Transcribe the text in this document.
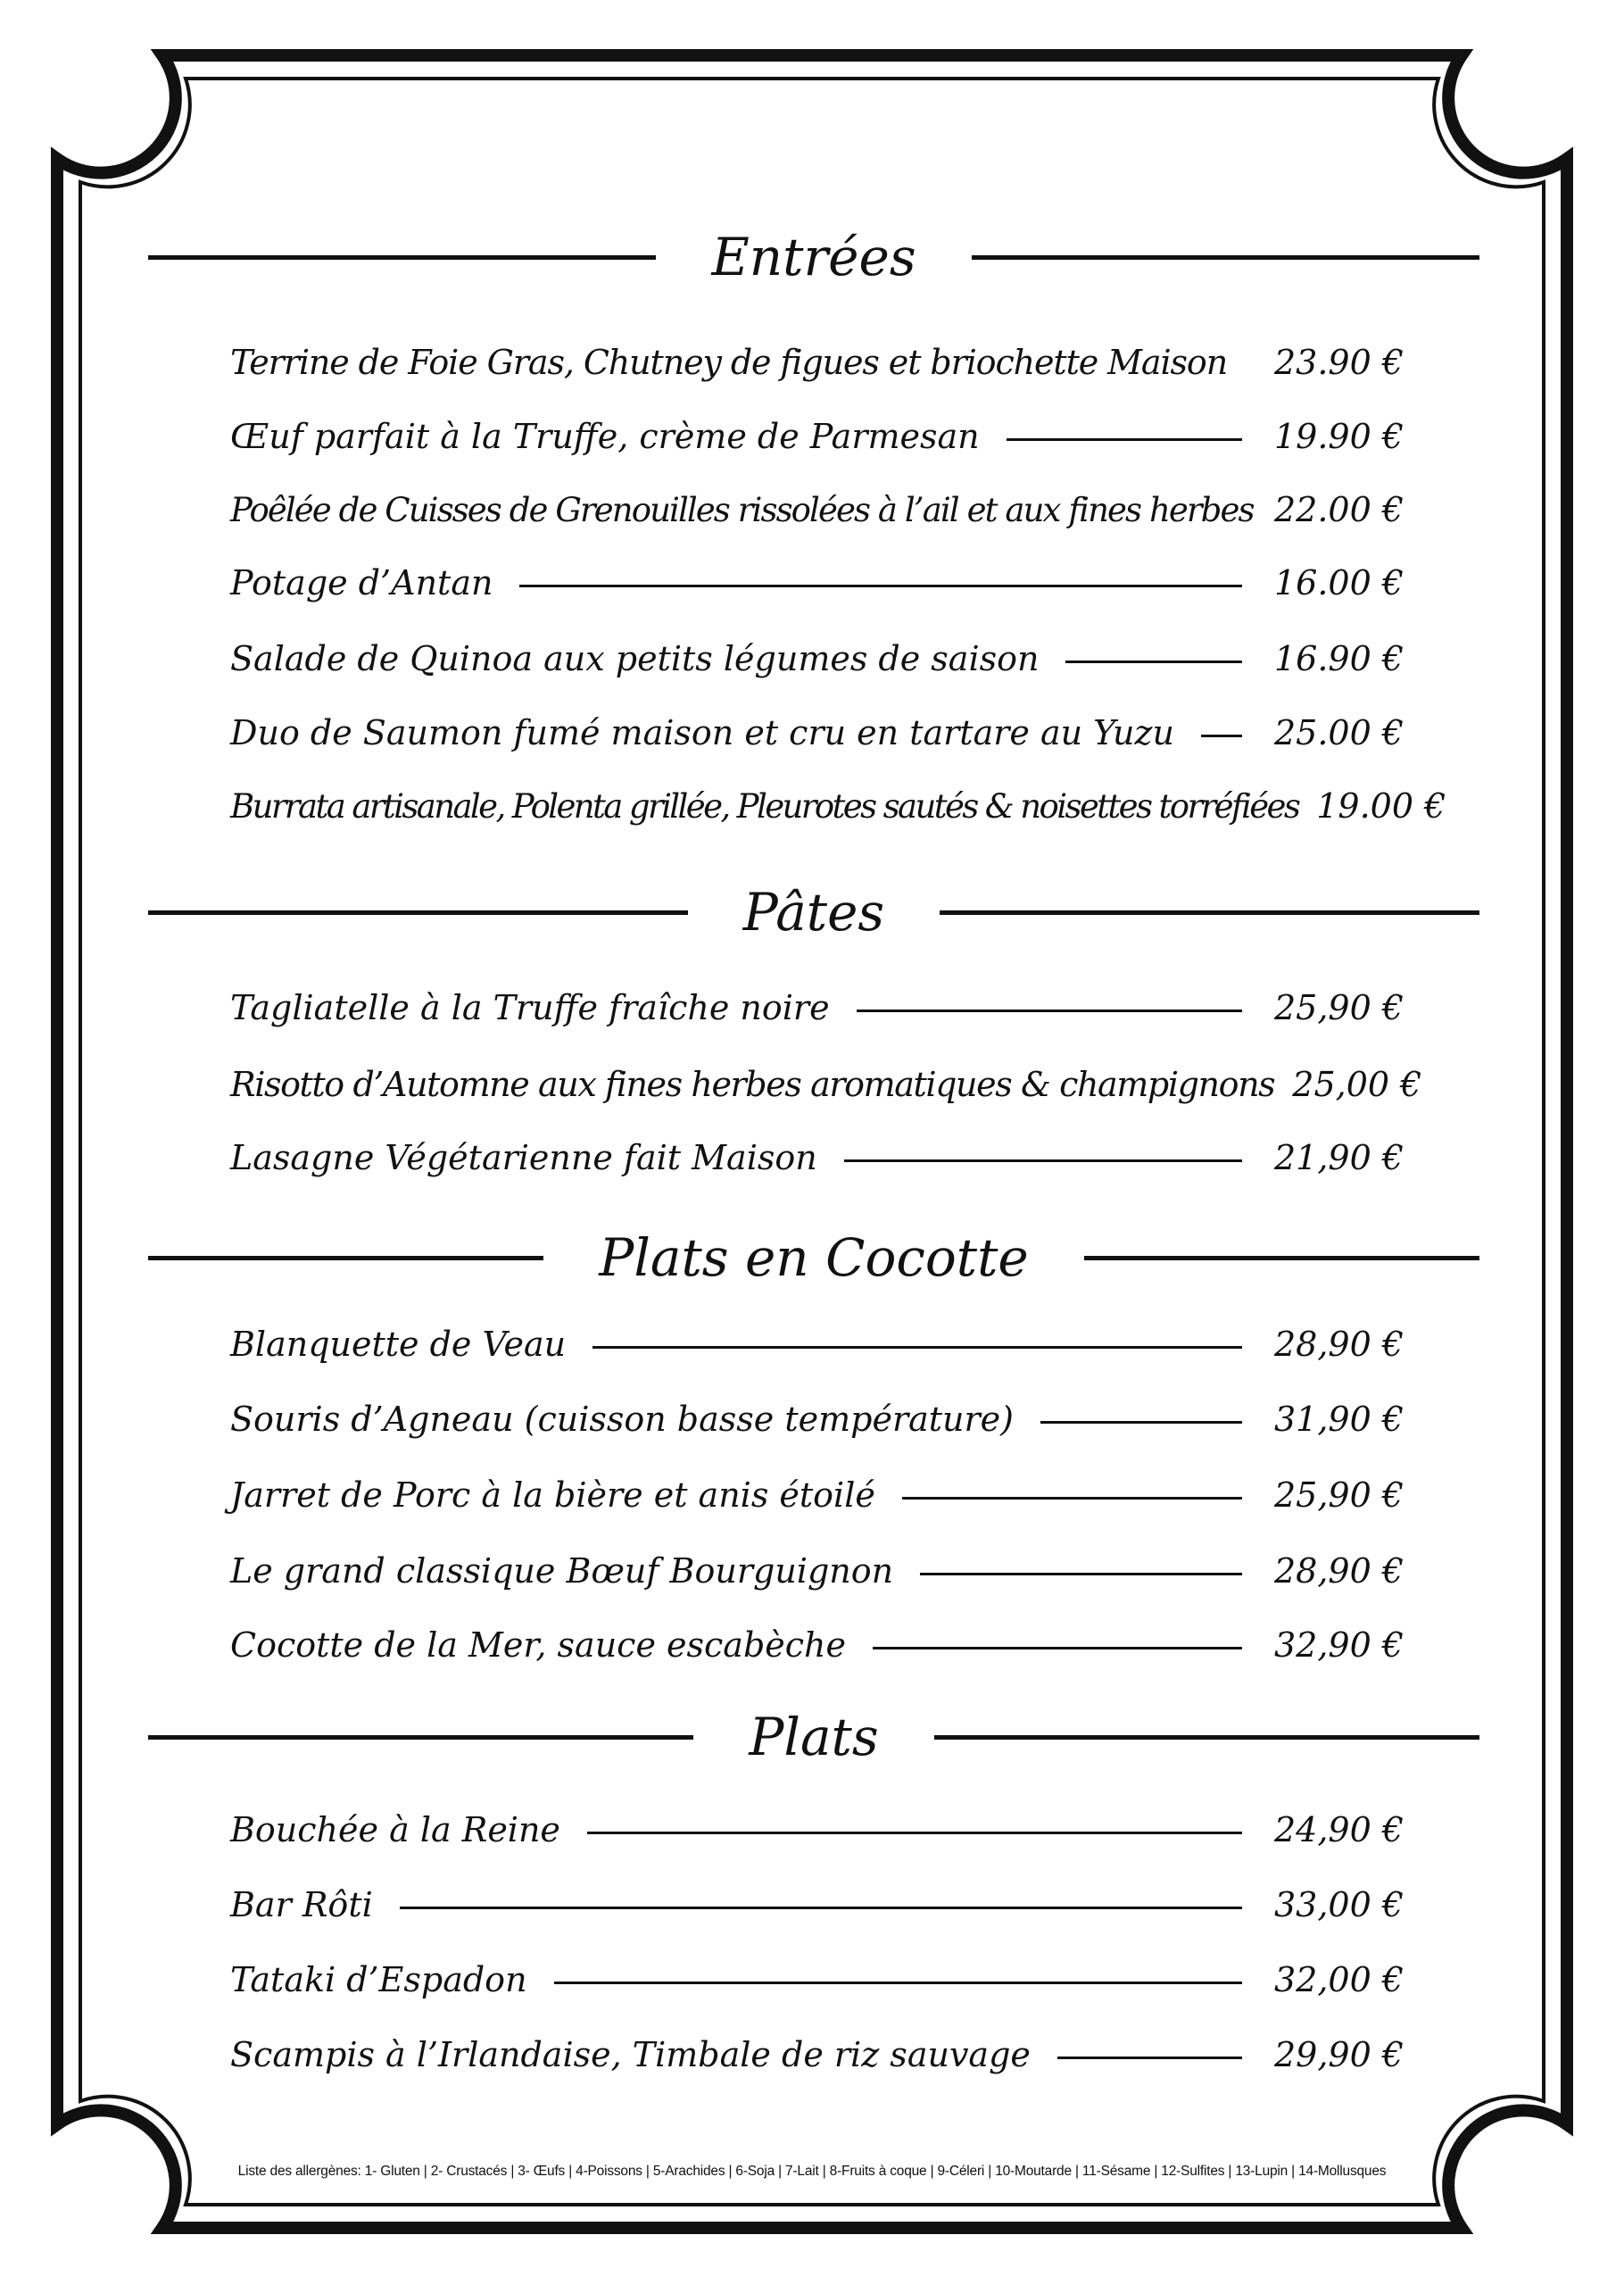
Entrées
Terrine de Foie Gras, Chutney de figues et briochette Maison 23.90 €
Œuf parfait à la Truffe, crème de Parmesan	19.90 €
Poêlée de Cuisses de Grenouilles rissolées à l’ail et aux fines herbes 22.00 €
Potage d’Antan	16.00 €
Salade de Quinoa aux petits légumes de saison	16.90 €
Duo de Saumon fumé maison et cru en tartare au Yuzu	25.00 €
Burrata artisanale, Polenta grillée, Pleurotes sautés & noisettes torréfiées 19.00 €
Pâtes
Tagliatelle à la Truffe fraîche noire	25,90 €
Risotto d’Automne aux fines herbes aromatiques & champignons 25,00 €
Lasagne Végétarienne fait Maison	21,90 €
Plats en Cocotte
Blanquette de Veau	28,90 €
Souris d’Agneau (cuisson basse température)	31,90 €
Jarret de Porc à la bière et anis étoilé	25,90 €
Le grand classique Bœuf Bourguignon	28,90 €
Cocotte de la Mer, sauce escabèche	32,90 €
Plats
Bouchée à la Reine	24,90 €
Bar Rôti	33,00 €
Tataki d’Espadon	32,00 €
Scampis à l’Irlandaise, Timbale de riz sauvage	29,90 €
Liste des allergènes: 1- Gluten | 2- Crustacés | 3- Œufs | 4-Poissons | 5-Arachides | 6-Soja | 7-Lait | 8-Fruits à coque | 9-Céleri | 10-Moutarde | 11-Sésame | 12-Sulfites | 13-Lupin | 14-Mollusques
